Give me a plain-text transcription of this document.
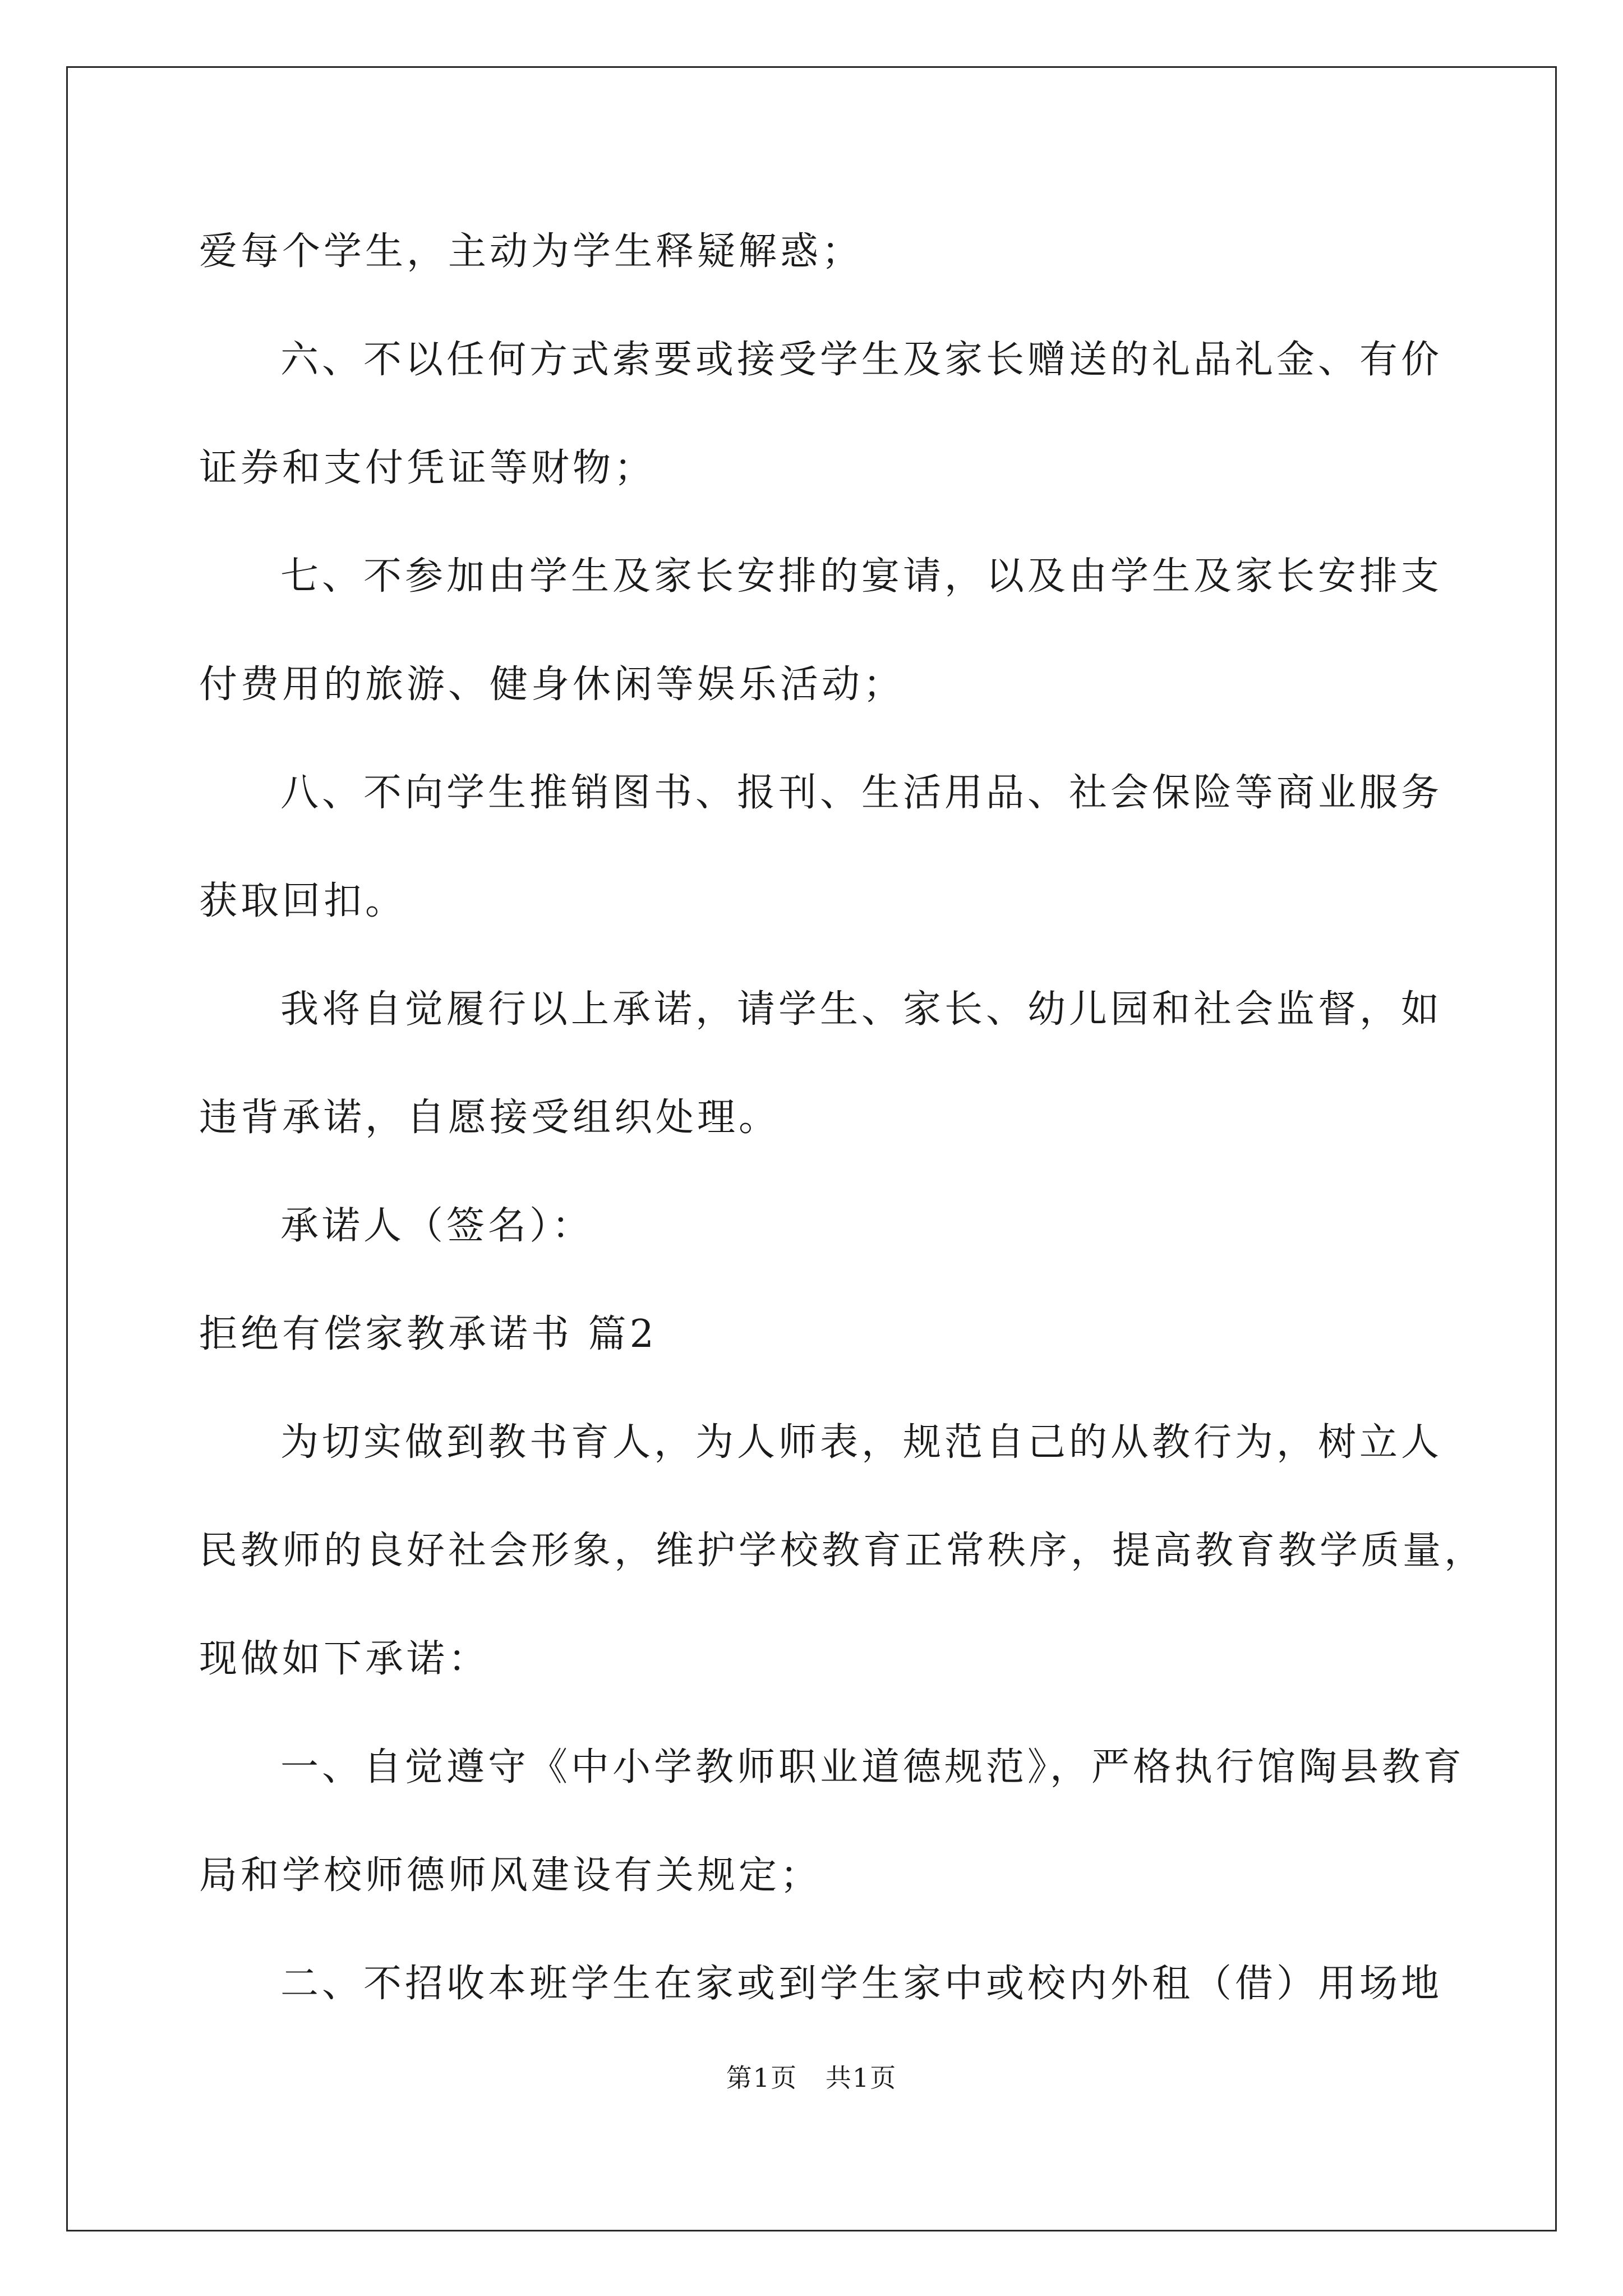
爱每个学生，主动为学生释疑解惑；
六、不以任何方式索要或接受学生及家长赠送的礼品礼金、有价
证券和支付凭证等财物；
七、不参加由学生及家长安排的宴请，以及由学生及家长安排支
付费用的旅游、健身休闲等娱乐活动；
八、不向学生推销图书、报刊、生活用品、社会保险等商业服务
获取回扣。
我将自觉履行以上承诺，请学生、家长、幼儿园和社会监督，如
违背承诺，自愿接受组织处理。
承诺人（签名）：
拒绝有偿家教承诺书 篇2
为切实做到教书育人，为人师表，规范自己的从教行为，树立人
民教师的良好社会形象，维护学校教育正常秩序，提高教育教学质量，
现做如下承诺：
一、自觉遵守《中小学教师职业道德规范》，严格执行馆陶县教育
局和学校师德师风建设有关规定；
二、不招收本班学生在家或到学生家中或校内外租（借）用场地
第1页   共1页
